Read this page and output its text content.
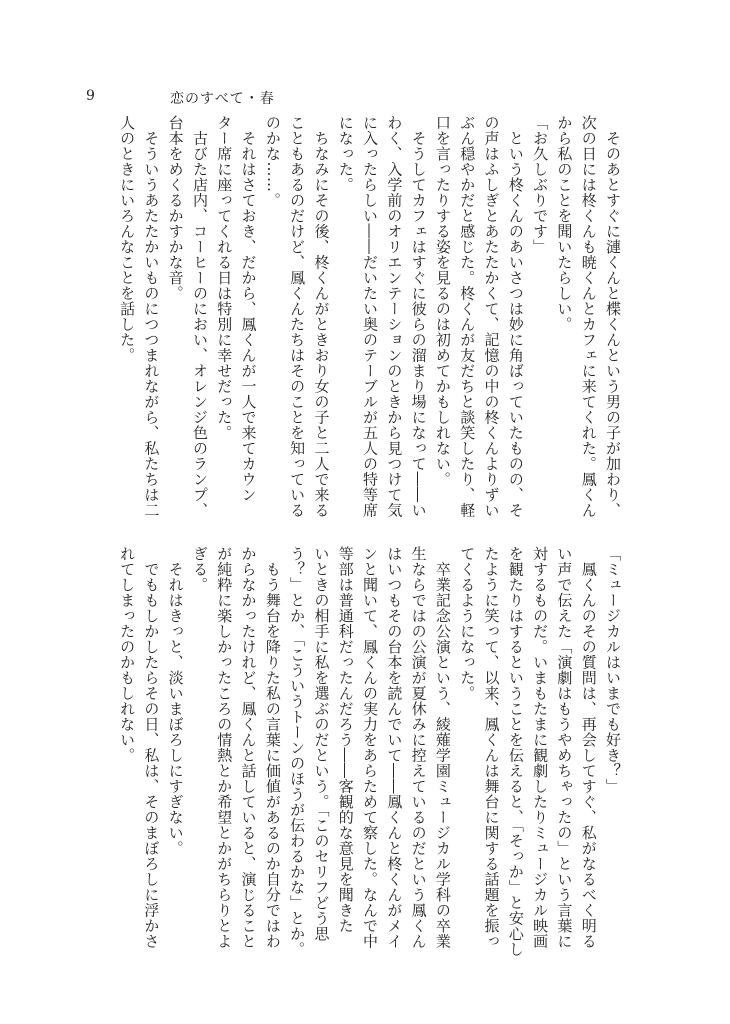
9	恋のすべて・春
　そのあとすぐに漣くんと楪くんという男の子が加わり、
次の日には柊くんも暁くんとカフェに来てくれた。鳳くん
から私のことを聞いたらしい。
「お久しぶりです」
　という柊くんのあいさつは妙に角ばっていたものの、そ
の声はふしぎとあたたかくて、記憶の中の柊くんよりずい
ぶん穏やかだと感じた。柊くんが友だちと談笑したり、軽
口を言ったりする姿を見るのは初めてかもしれない。
　そうしてカフェはすぐに彼らの溜まり場になって――い
わく、入学前のオリエンテーションのときから見つけて気
に入ったらしい――だいたい奥のテーブルが五人の特等席
になった。
　ちなみにその後、柊くんがときおり女の子と二人で来る
こともあるのだけど、鳳くんたちはそのことを知っている
のかな……。
　それはさておき、だから、鳳くんが一人で来てカウン
ター席に座ってくれる日は特別に幸せだった。
　古びた店内、コーヒーのにおい、オレンジ色のランプ、
台本をめくるかすかな音。
　そういうあたたかいものにつつまれながら、私たちは二
人のときにいろんなことを話した。
「ミュージカルはいまでも好き？」
　鳳くんのその質問は、再会してすぐ、私がなるべく明る
い声で伝えた「演劇はもうやめちゃったの」という言葉に
対するものだ。いまもたまに観劇したりミュージカル映画
を観たりはするということを伝えると、「そっか」と安心し
たように笑って、以来、鳳くんは舞台に関する話題を振っ
てくるようになった。
　卒業記念公演という、綾薙学園ミュージカル学科の卒業
生ならではの公演が夏休みに控えているのだという鳳くん
はいつもその台本を読んでいて――鳳くんと柊くんがメイ
ンと聞いて、鳳くんの実力をあらためて察した。なんで中
等部は普通科だったんだろう――客観的な意見を聞きた
いときの相手に私を選ぶのだという。「このセリフどう思
う？」とか、「こういうトーンのほうが伝わるかな」とか。
　もう舞台を降りた私の言葉に価値があるのか自分ではわ
からなかったけれど、鳳くんと話していると、演じること
が純粋に楽しかったころの情熱とか希望とかがちらりとよ
ぎる。
　それはきっと、淡いまぼろしにすぎない。
　でももしかしたらその日、私は、そのまぼろしに浮かさ
れてしまったのかもしれない。
